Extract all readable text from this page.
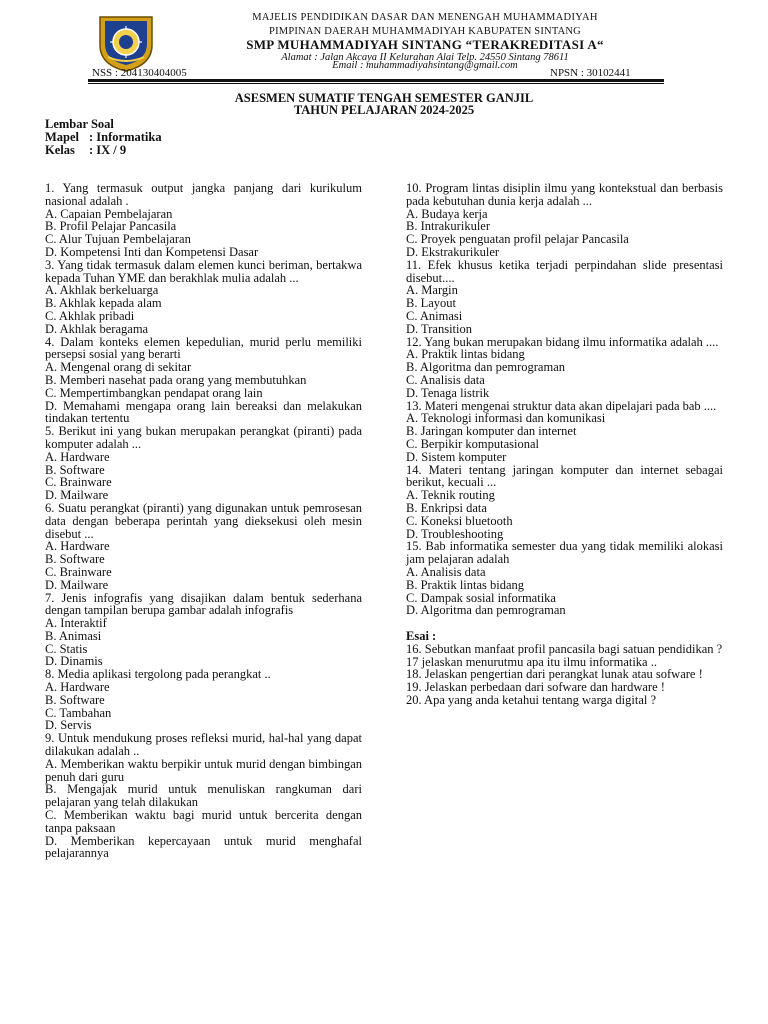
MAJELIS PENDIDIKAN DASAR DAN MENENGAH MUHAMMADIYAH
PIMPINAN DAERAH MUHAMMADIYAH KABUPATEN SINTANG
SMP MUHAMMADIYAH SINTANG “TERAKREDITASI A“
Alamat : Jalan Akcaya II Kelurahan Alai Telp. 24550 Sintang 78611
Email : muhammadiyahsintang@gmail.com
NSS : 204130404005	NPSN : 30102441
ASESMEN SUMATIF TENGAH SEMESTER GANJIL
TAHUN PELAJARAN 2024-2025
Lembar Soal
Mapel : Informatika
Kelas	: IX / 9

1. Yang termasuk output jangka panjang dari kurikulum nasional adalah .

A. Capaian Pembelajaran

B. Profil Pelajar Pancasila

C. Alur Tujuan Pembelajaran

D. Kompetensi Inti dan Kompetensi Dasar

3. Yang tidak termasuk dalam elemen kunci beriman, bertakwa kepada Tuhan YME dan berakhlak mulia adalah ...

A. Akhlak berkeluarga

B. Akhlak kepada alam

C. Akhlak pribadi

D. Akhlak beragama

4. Dalam konteks elemen kepedulian, murid perlu memiliki persepsi sosial yang berarti

A. Mengenal orang di sekitar

B. Memberi nasehat pada orang yang membutuhkan

C. Mempertimbangkan pendapat orang lain

D. Memahami mengapa orang lain bereaksi dan melakukan tindakan tertentu

5. Berikut ini yang bukan merupakan perangkat (piranti) pada komputer adalah ...

A. Hardware

B. Software

C. Brainware

D. Mailware

6. Suatu perangkat (piranti) yang digunakan untuk pemrosesan data dengan beberapa perintah yang dieksekusi oleh mesin disebut ...

A. Hardware

B. Software

C. Brainware

D. Mailware

7. Jenis infografis yang disajikan dalam bentuk sederhana dengan tampilan berupa gambar adalah infografis

A. Interaktif

B. Animasi

C. Statis

D. Dinamis

8. Media aplikasi tergolong pada perangkat ..

A. Hardware

B. Software

C. Tambahan

D. Servis

9. Untuk mendukung proses refleksi murid, hal-hal yang dapat dilakukan adalah ..

A. Memberikan waktu berpikir untuk murid dengan bimbingan penuh dari guru

B. Mengajak murid untuk menuliskan rangkuman dari pelajaran yang telah dilakukan

C. Memberikan waktu bagi murid untuk bercerita dengan tanpa paksaan

D. Memberikan kepercayaan untuk murid menghafal pelajarannya

10. Program lintas disiplin ilmu yang kontekstual dan berbasis pada kebutuhan dunia kerja adalah ...

A. Budaya kerja

B. Intrakurikuler

C. Proyek penguatan profil pelajar Pancasila

D. Ekstrakurikuler

11. Efek khusus ketika terjadi perpindahan slide presentasi disebut....

A. Margin

B. Layout

C. Animasi

D. Transition

12. Yang bukan merupakan bidang ilmu informatika adalah ....

A. Praktik lintas bidang

B. Algoritma dan pemrograman

C. Analisis data

D. Tenaga listrik

13. Materi mengenai struktur data akan dipelajari pada bab ....

A. Teknologi informasi dan komunikasi

B. Jaringan komputer dan internet

C. Berpikir komputasional

D. Sistem komputer

14. Materi tentang jaringan komputer dan internet sebagai berikut, kecuali ...

A. Teknik routing

B. Enkripsi data

C. Koneksi bluetooth

D. Troubleshooting

15. Bab informatika semester dua yang tidak memiliki alokasi jam pelajaran adalah

A. Analisis data

B. Praktik lintas bidang

C. Dampak sosial informatika

D. Algoritma dan pemrograman

Esai :

16. Sebutkan manfaat profil pancasila bagi satuan pendidikan ?

17 jelaskan menurutmu apa itu ilmu informatika ..

18. Jelaskan pengertian dari perangkat lunak atau sofware !

19. Jelaskan perbedaan dari sofware dan hardware !

20. Apa yang anda ketahui tentang warga digital ?
